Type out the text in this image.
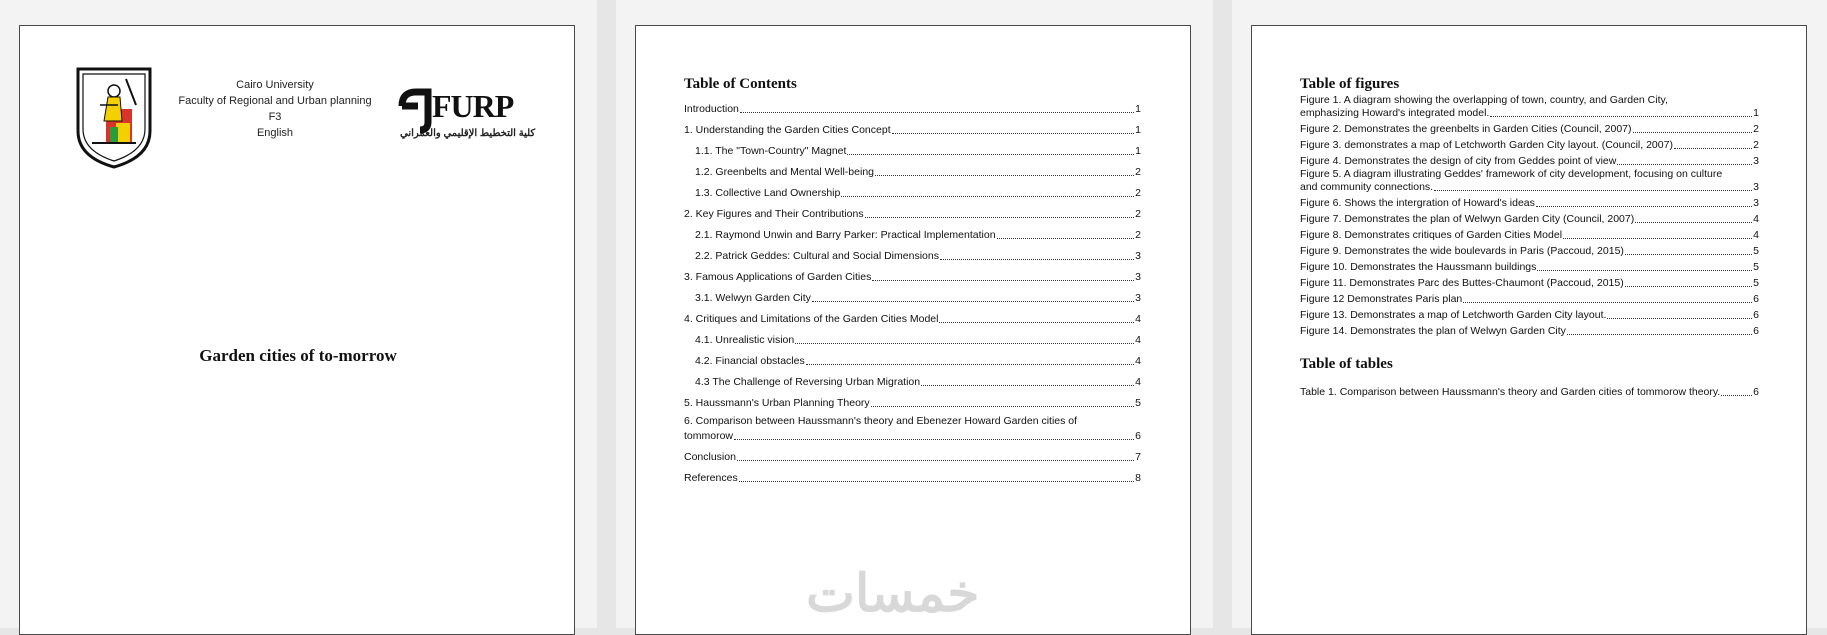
Cairo University
Faculty of Regional and Urban planning
F3
English
FURP
كلية التخطيط الإقليمي والعمراني
Garden cities of to-morrow
Table of Contents
Introduction	1
1. Understanding the Garden Cities Concept	1
1.1. The "Town-Country" Magnet	1
1.2. Greenbelts and Mental Well-being	2
1.3. Collective Land Ownership	2
2. Key Figures and Their Contributions	2
2.1. Raymond Unwin and Barry Parker: Practical Implementation	2
2.2. Patrick Geddes: Cultural and Social Dimensions	3
3. Famous Applications of Garden Cities	3
3.1. Welwyn Garden City	3
4. Critiques and Limitations of the Garden Cities Model	4
4.1. Unrealistic vision	4
4.2. Financial obstacles	4
4.3 The Challenge of Reversing Urban Migration	4
5. Haussmann's Urban Planning Theory	5
6. Comparison between Haussmann's theory and Ebenezer Howard Garden cities of
tommorow	6
Conclusion	7
References	8
خمسات
Table of figures
Figure 1. A diagram showing the overlapping of town, country, and Garden City,
emphasizing Howard's integrated model.	1
Figure 2. Demonstrates the greenbelts in Garden Cities (Council, 2007)	2
Figure 3. demonstrates a map of Letchworth Garden City layout. (Council, 2007)	2
Figure 4. Demonstrates the design of city from Geddes point of view	3
Figure 5. A diagram illustrating Geddes' framework of city development, focusing on culture
and community connections.	3
Figure 6. Shows the intergration of Howard's ideas	3
Figure 7. Demonstrates the plan of Welwyn Garden City (Council, 2007)	4
Figure 8. Demonstrates critiques of Garden Cities Model	4
Figure 9. Demonstrates the wide boulevards in Paris (Paccoud, 2015)	5
Figure 10. Demonstrates the Haussmann buildings	5
Figure 11. Demonstrates Parc des Buttes-Chaumont (Paccoud, 2015)	5
Figure 12 Demonstrates Paris plan	6
Figure 13. Demonstrates a map of Letchworth Garden City layout.	6
Figure 14. Demonstrates the plan of Welwyn Garden City	6
Table of tables
Table 1. Comparison between Haussmann's theory and Garden cities of tommorow theory.	6
